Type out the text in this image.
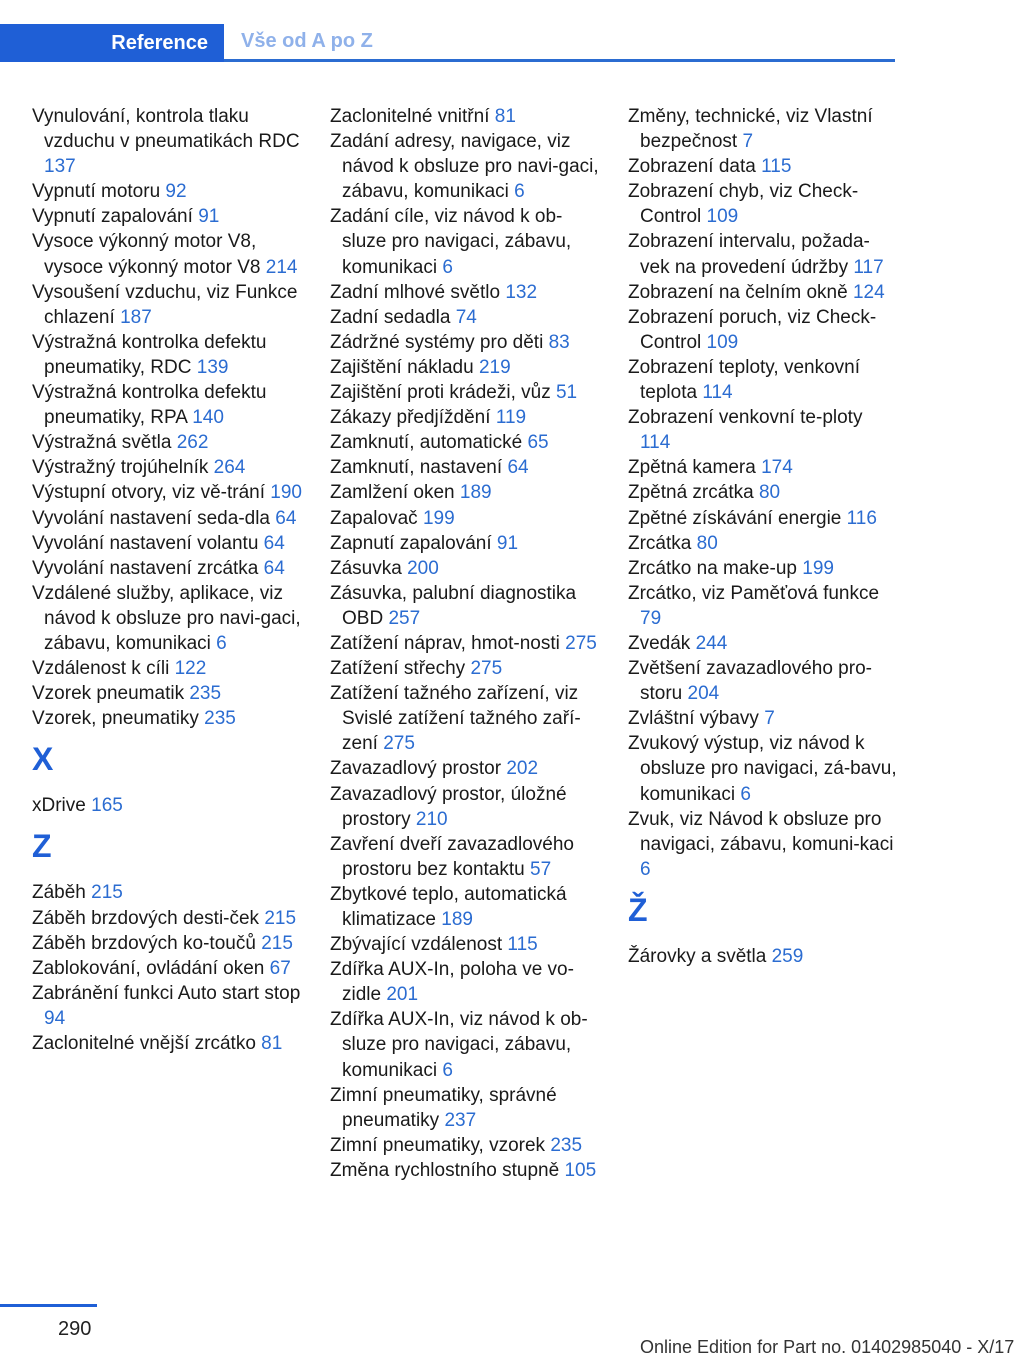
Reference	Vše od A po Z
Vynulování, kontrola tlaku vzduchu v pneumatikách RDC 137
Vypnutí motoru 92
Vypnutí zapalování 91
Vysoce výkonný motor V8, vysoce výkonný motor V8 214
Vysoušení vzduchu, viz Funkce chlazení 187
Výstražná kontrolka defektu pneumatiky, RDC 139
Výstražná kontrolka defektu pneumatiky, RPA 140
Výstražná světla 262
Výstražný trojúhelník 264
Výstupní otvory, viz vě-trání 190
Vyvolání nastavení seda-dla 64
Vyvolání nastavení volantu 64
Vyvolání nastavení zrcátka 64
Vzdálené služby, aplikace, viz návod k obsluze pro navi-gaci, zábavu, komunikaci 6
Vzdálenost k cíli 122
Vzorek pneumatik 235
Vzorek, pneumatiky 235
X
xDrive 165
Z
Záběh 215
Záběh brzdových desti-ček 215
Záběh brzdových ko-toučů 215
Zablokování, ovládání oken 67
Zabránění funkci Auto start stop 94
Zaclonitelné vnější zrcátko 81
Zaclonitelné vnitřní 81
Zadání adresy, navigace, viz návod k obsluze pro navi-gaci, zábavu, komunikaci 6
Zadání cíle, viz návod k ob-sluze pro navigaci, zábavu, komunikaci 6
Zadní mlhové světlo 132
Zadní sedadla 74
Zádržné systémy pro děti 83
Zajištění nákladu 219
Zajištění proti krádeži, vůz 51
Zákazy předjíždění 119
Zamknutí, automatické 65
Zamknutí, nastavení 64
Zamlžení oken 189
Zapalovač 199
Zapnutí zapalování 91
Zásuvka 200
Zásuvka, palubní diagnostika OBD 257
Zatížení náprav, hmot-nosti 275
Zatížení střechy 275
Zatížení tažného zařízení, viz Svislé zatížení tažného zaří-zení 275
Zavazadlový prostor 202
Zavazadlový prostor, úložné prostory 210
Zavření dveří zavazadlového prostoru bez kontaktu 57
Zbytkové teplo, automatická klimatizace 189
Zbývající vzdálenost 115
Zdířka AUX-In, poloha ve vo-zidle 201
Zdířka AUX-In, viz návod k ob-sluze pro navigaci, zábavu, komunikaci 6
Zimní pneumatiky, správné pneumatiky 237
Zimní pneumatiky, vzorek 235
Změna rychlostního stupně 105
Změny, technické, viz Vlastní bezpečnost 7
Zobrazení data 115
Zobrazení chyb, viz Check-Control 109
Zobrazení intervalu, požada-vek na provedení údržby 117
Zobrazení na čelním okně 124
Zobrazení poruch, viz Check-Control 109
Zobrazení teploty, venkovní teplota 114
Zobrazení venkovní te-ploty 114
Zpětná kamera 174
Zpětná zrcátka 80
Zpětné získávání energie 116
Zrcátka 80
Zrcátko na make-up 199
Zrcátko, viz Paměťová funkce 79
Zvedák 244
Zvětšení zavazadlového pro-storu 204
Zvláštní výbavy 7
Zvukový výstup, viz návod k obsluze pro navigaci, zá-bavu, komunikaci 6
Zvuk, viz Návod k obsluze pro navigaci, zábavu, komuni-kaci 6
Ž
Žárovky a světla 259
290
Online Edition for Part no. 01402985040 - X/17
